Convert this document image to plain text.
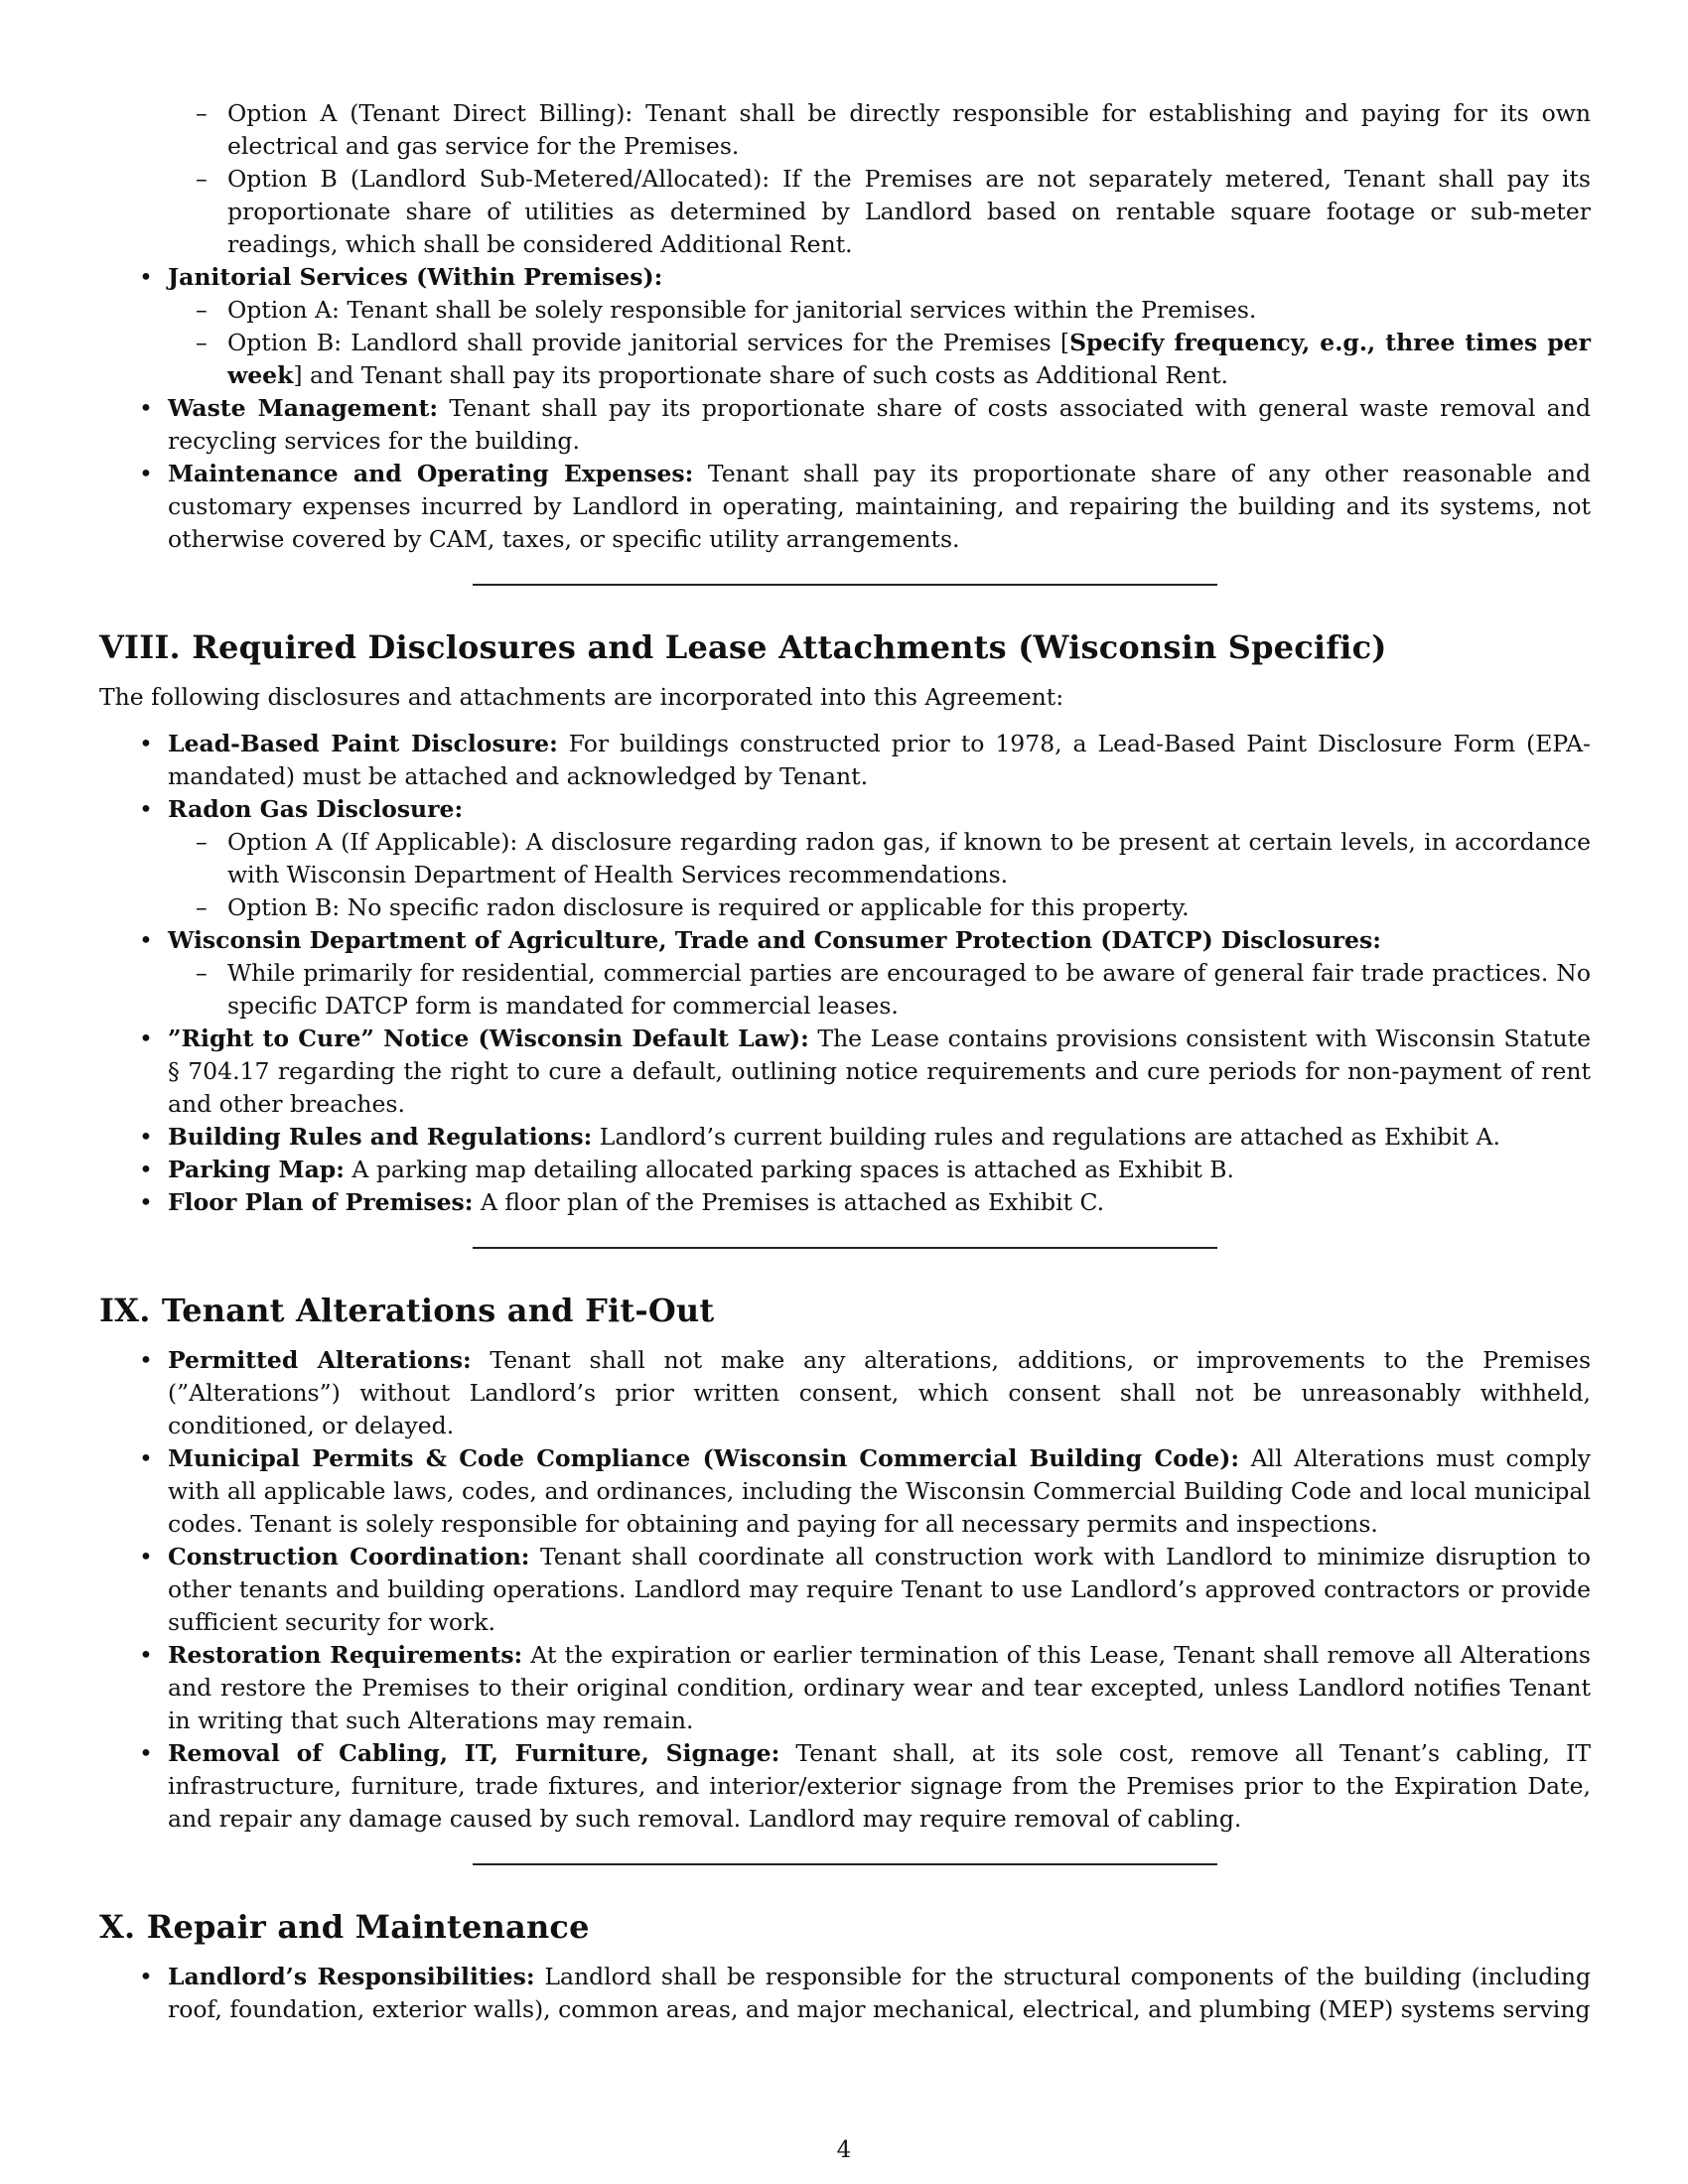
– Option A (Tenant Direct Billing): Tenant shall be directly responsible for establishing and paying for its own electrical and gas service for the Premises.
– Option B (Landlord Sub-Metered/Allocated): If the Premises are not separately metered, Tenant shall pay its proportionate share of utilities as determined by Landlord based on rentable square footage or sub-meter readings, which shall be considered Additional Rent.
• Janitorial Services (Within Premises):
– Option A: Tenant shall be solely responsible for janitorial services within the Premises.
– Option B: Landlord shall provide janitorial services for the Premises [Specify frequency, e.g., three times per week] and Tenant shall pay its proportionate share of such costs as Additional Rent.
• Waste Management: Tenant shall pay its proportionate share of costs associated with general waste removal and recycling services for the building.
• Maintenance and Operating Expenses: Tenant shall pay its proportionate share of any other reasonable and customary expenses incurred by Landlord in operating, maintaining, and repairing the building and its systems, not otherwise covered by CAM, taxes, or specific utility arrangements.
VIII. Required Disclosures and Lease Attachments (Wisconsin Specific)

The following disclosures and attachments are incorporated into this Agreement:

• Lead-Based Paint Disclosure: For buildings constructed prior to 1978, a Lead-Based Paint Disclosure Form (EPA-mandated) must be attached and acknowledged by Tenant.
• Radon Gas Disclosure:
– Option A (If Applicable): A disclosure regarding radon gas, if known to be present at certain levels, in accordance with Wisconsin Department of Health Services recommendations.
– Option B: No specific radon disclosure is required or applicable for this property.
• Wisconsin Department of Agriculture, Trade and Consumer Protection (DATCP) Disclosures:
– While primarily for residential, commercial parties are encouraged to be aware of general fair trade practices. No specific DATCP form is mandated for commercial leases.
• ”Right to Cure” Notice (Wisconsin Default Law): The Lease contains provisions consistent with Wisconsin Statute § 704.17 regarding the right to cure a default, outlining notice requirements and cure periods for non-payment of rent and other breaches.
• Building Rules and Regulations: Landlord’s current building rules and regulations are attached as Exhibit A.
• Parking Map: A parking map detailing allocated parking spaces is attached as Exhibit B.
• Floor Plan of Premises: A floor plan of the Premises is attached as Exhibit C.
IX. Tenant Alterations and Fit-Out
• Permitted Alterations: Tenant shall not make any alterations, additions, or improvements to the Premises (”Alterations”) without Landlord’s prior written consent, which consent shall not be unreasonably withheld, conditioned, or delayed.
• Municipal Permits & Code Compliance (Wisconsin Commercial Building Code): All Alterations must comply with all applicable laws, codes, and ordinances, including the Wisconsin Commercial Building Code and local municipal codes. Tenant is solely responsible for obtaining and paying for all necessary permits and inspections.
• Construction Coordination: Tenant shall coordinate all construction work with Landlord to minimize disruption to other tenants and building operations. Landlord may require Tenant to use Landlord’s approved contractors or provide sufficient security for work.
• Restoration Requirements: At the expiration or earlier termination of this Lease, Tenant shall remove all Alterations and restore the Premises to their original condition, ordinary wear and tear excepted, unless Landlord notifies Tenant in writing that such Alterations may remain.
• Removal of Cabling, IT, Furniture, Signage: Tenant shall, at its sole cost, remove all Tenant’s cabling, IT infrastructure, furniture, trade fixtures, and interior/exterior signage from the Premises prior to the Expiration Date, and repair any damage caused by such removal. Landlord may require removal of cabling.
X. Repair and Maintenance
• Landlord’s Responsibilities: Landlord shall be responsible for the structural components of the building (including roof, foundation, exterior walls), common areas, and major mechanical, electrical, and plumbing (MEP) systems serving
4
